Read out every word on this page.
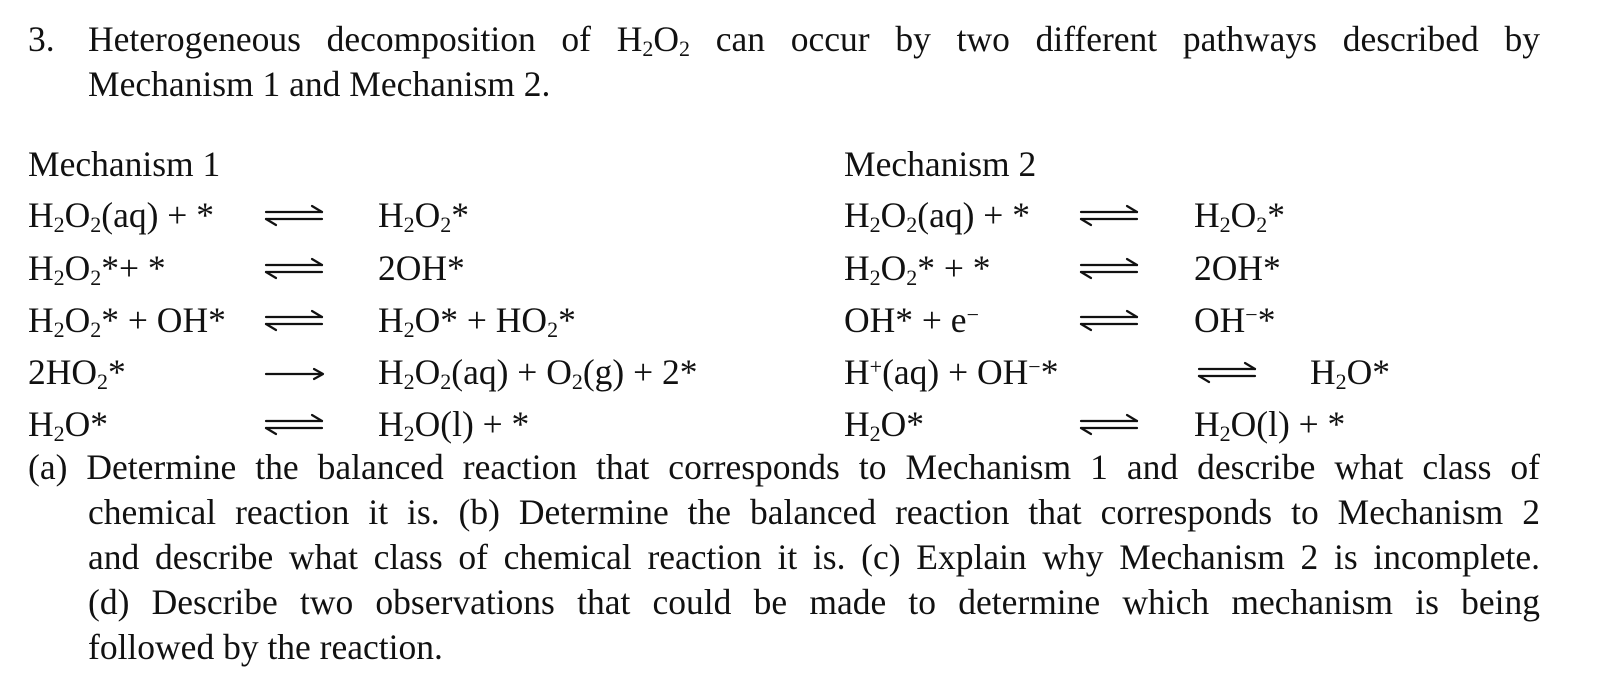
3. Heterogeneous decomposition of $H_2O_2$ can occur by two different pathways described by
Mechanism 1 and Mechanism 2.
Mechanism 1
$H_2O_2(aq)$ + * ⇌ $H_2O_2*$
$H_2O_2*+$ *	⇌ 2OH*
$H_2O_2* + OH*$ ⇌ $H_2O* + HO_2*$
$2HO_2*$	$H_2O_2(aq) + O_2(g) + 2*$
$H_2O*$	⇌ $H_2O(l)$ + *
Mechanism 2
$H_2O_2(aq)$ + * ⇌ $H_2O_2*$
$H_2O_2*$ + * ⇌ 2OH*
OH* + e−	⇌ OH−*
H+(aq) + OH−*	⇌ $H_2O*$
$H_2O*$	⇌ $H_2O(l)$ + *
(a) Determine the balanced reaction that corresponds to Mechanism 1 and describe what class of
chemical reaction it is. (b) Determine the balanced reaction that corresponds to Mechanism 2
and describe what class of chemical reaction it is. (c) Explain why Mechanism 2 is incomplete.
(d) Describe two observations that could be made to determine which mechanism is being
followed by the reaction.
